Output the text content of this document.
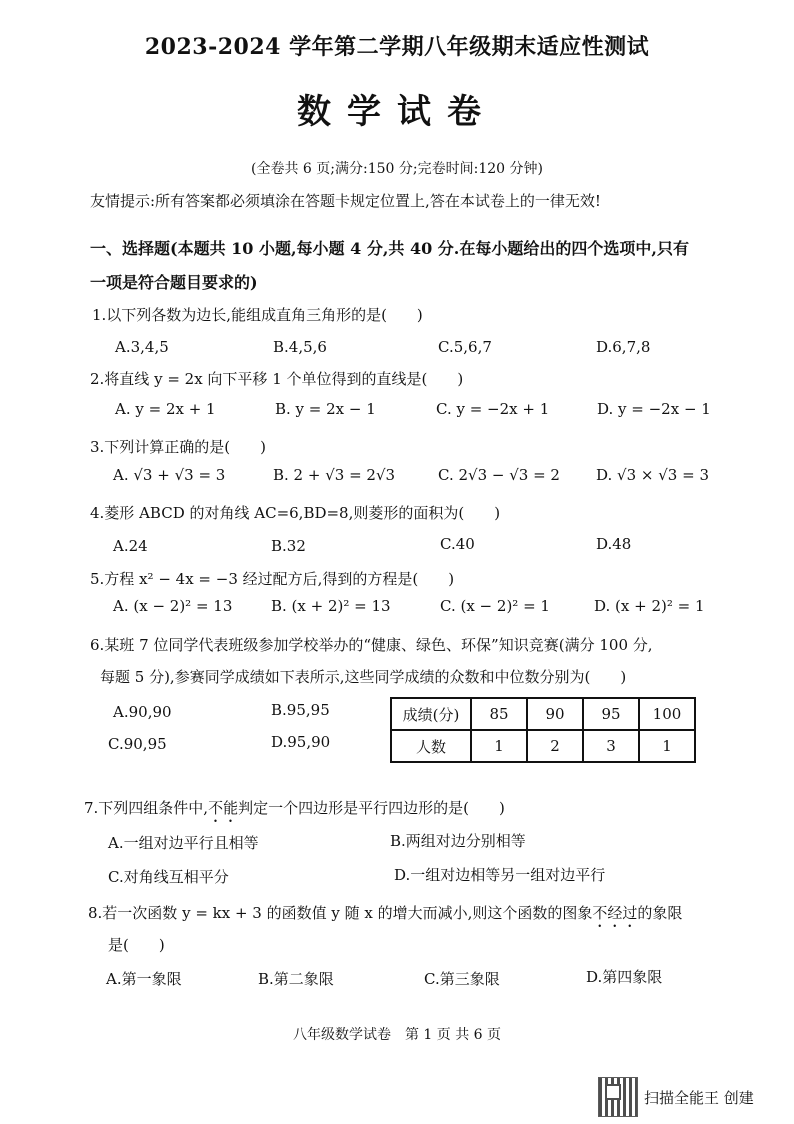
2023-2024 学年第二学期八年级期末适应性测试
数学试卷
(全卷共 6 页;满分:150 分;完卷时间:120 分钟)
友情提示:所有答案都必须填涂在答题卡规定位置上,答在本试卷上的一律无效!
一、选择题(本题共 10 小题,每小题 4 分,共 40 分.在每小题给出的四个选项中,只有
一项是符合题目要求的)
1.以下列各数为边长,能组成直角三角形的是(　　)
A.3,4,5	B.4,5,6	C.5,6,7	D.6,7,8
2.将直线 y = 2x 向下平移 1 个单位得到的直线是(　　)
A. y = 2x + 1	B. y = 2x − 1	C. y = −2x + 1	D. y = −2x − 1
3.下列计算正确的是(　　)
A. √3 + √3 = 3	B. 2 + √3 = 2√3	C. 2√3 − √3 = 2 D. √3 × √3 = 3
4.菱形 ABCD 的对角线 AC=6,BD=8,则菱形的面积为(　　)
A.24	B.32	C.40	D.48
5.方程 x² − 4x = −3 经过配方后,得到的方程是(　　)
A. (x − 2)² = 13	B. (x + 2)² = 13	C. (x − 2)² = 1	D. (x + 2)² = 1
6.某班 7 位同学代表班级参加学校举办的“健康、绿色、环保”知识竞赛(满分 100 分,
每题 5 分),参赛同学成绩如下表所示,这些同学成绩的众数和中位数分别为(　　)
A.90,90	B.95,95
C.90,95	D.95,90
成绩(分)	85	90	95	100
人数	1	2	3	1
7.下列四组条件中,不能判定一个四边形是平行四边形的是(　　)
A.一组对边平行且相等	B.两组对边分别相等
C.对角线互相平分	D.一组对边相等另一组对边平行
8.若一次函数 y = kx + 3 的函数值 y 随 x 的增大而减小,则这个函数的图象不经过的象限
是(　　)
A.第一象限	B.第二象限	C.第三象限	D.第四象限
八年级数学试卷　第 1 页 共 6 页
扫描全能王 创建
